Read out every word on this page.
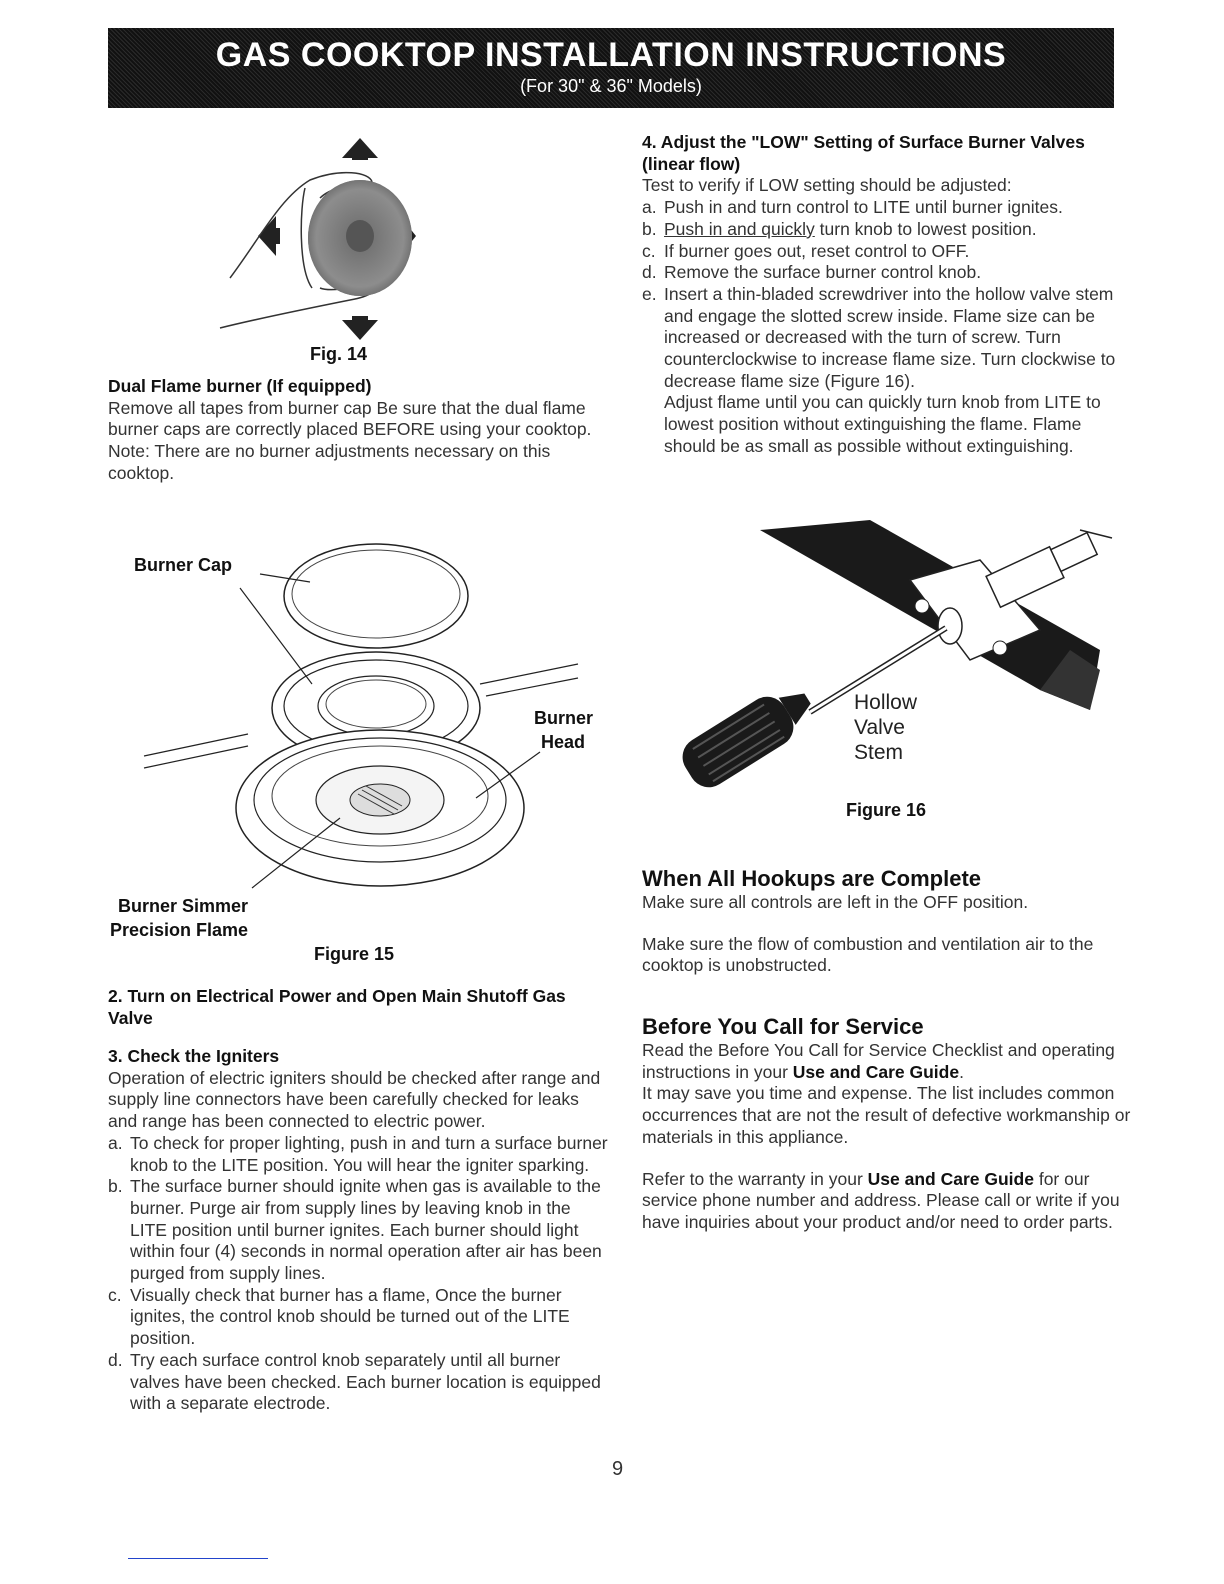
GAS COOKTOP INSTALLATION INSTRUCTIONS
(For 30" & 36" Models)
Fig. 14
Dual Flame burner (If equipped)

Remove all tapes from burner cap Be sure that the dual flame burner caps are correctly placed BEFORE using your cooktop.

Note: There are no burner adjustments necessary on this cooktop.

Burner Cap
Burner
Head
Burner Simmer
Precision Flame
Figure 15
2. Turn on Electrical Power and Open Main Shutoff Gas Valve
3. Check the Igniters

Operation of electric igniters should be checked after range and supply line connectors have been carefully checked for leaks and range has been connected to electric power.

a. To check for proper lighting, push in and turn a surface burner knob to the LITE position. You will hear the igniter sparking.
b. The surface burner should ignite when gas is available to the burner. Purge air from supply lines by leaving knob in the LITE position until burner ignites. Each burner should light within four (4) seconds in normal operation after air has been purged from supply lines.
c. Visually check that burner has a flame, Once the burner ignites, the control knob should be turned out of the LITE position.
d. Try each surface control knob separately until all burner valves have been checked. Each burner location is equipped with a separate electrode.
4. Adjust the "LOW" Setting of Surface Burner Valves (linear flow)

Test to verify if LOW setting should be adjusted:

a. Push in and turn control to LITE until burner ignites.
b. Push in and quickly turn knob to lowest position.
c. If burner goes out, reset control to OFF.
d. Remove the surface burner control knob.
e. Insert a thin-bladed screwdriver into the hollow valve stem and engage the slotted screw inside. Flame size can be increased or decreased with the turn of screw. Turn counterclockwise to increase flame size. Turn clockwise to decrease flame size (Figure 16).
Adjust flame until you can quickly turn knob from LITE to lowest position without extinguishing the flame. Flame should be as small as possible without extinguishing.
Hollow
Valve
Stem
Figure 16
When All Hookups are Complete

Make sure all controls are left in the OFF position.

Make sure the flow of combustion and ventilation air to the cooktop is unobstructed.

Before You Call for Service

Read the Before You Call for Service Checklist and operating instructions in your Use and Care Guide.

It may save you time and expense. The list includes common occurrences that are not the result of defective workmanship or materials in this appliance.

Refer to the warranty in your Use and Care Guide for our service phone number and address. Please call or write if you have inquiries about your product and/or need to order parts.

9
